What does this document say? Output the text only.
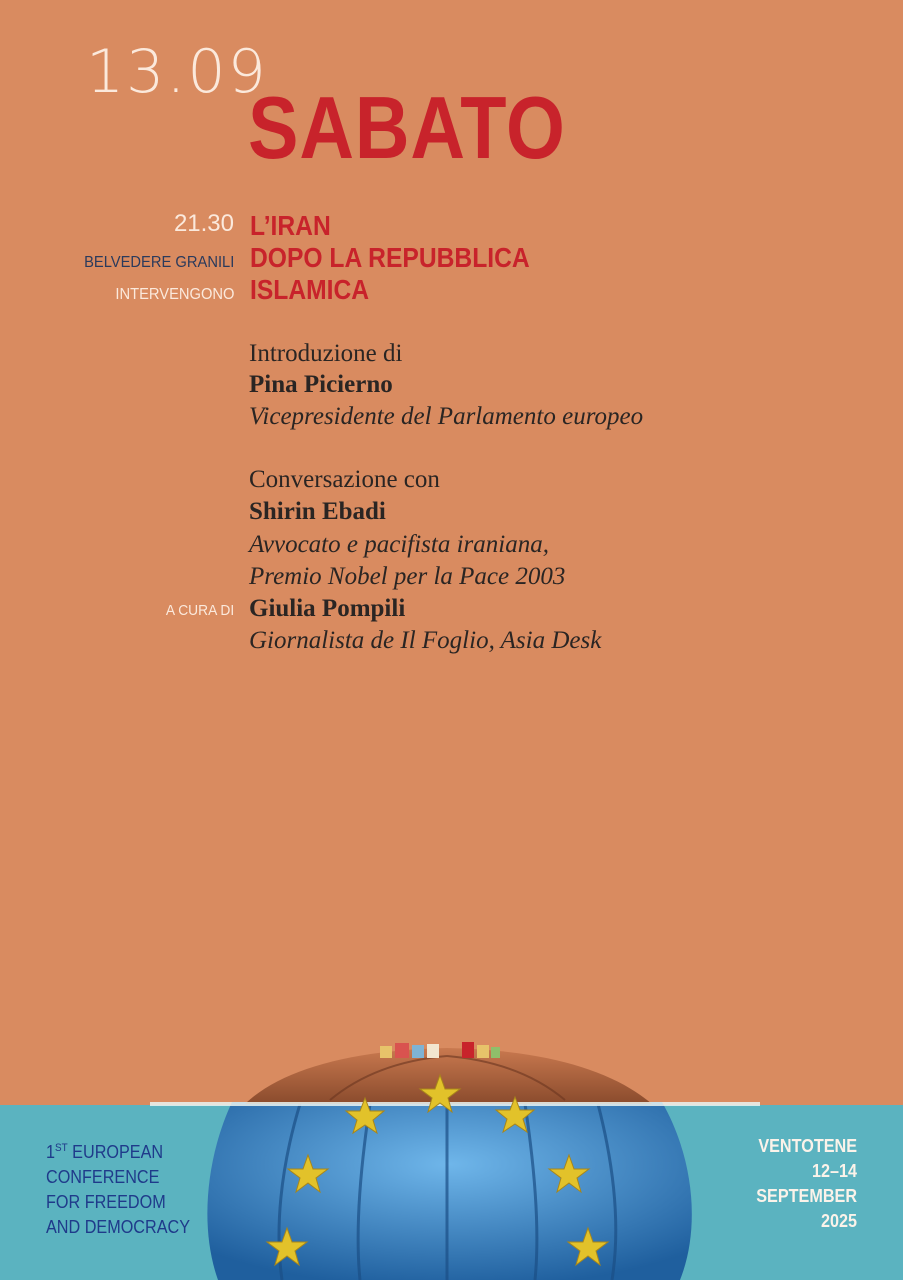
13.09
SABATO
21.30
BELVEDERE GRANILI
INTERVENGONO
A CURA DI
L’IRAN
DOPO LA REPUBBLICA
ISLAMICA
Introduzione di
Pina Picierno
Vicepresidente del Parlamento europeo
Conversazione con
Shirin Ebadi
Avvocato e pacifista iraniana,
Premio Nobel per la Pace 2003
Giulia Pompili
Giornalista de Il Foglio, Asia Desk
1ST EUROPEAN
CONFERENCE
FOR FREEDOM
AND DEMOCRACY
VENTOTENE
12–14
SEPTEMBER
2025
